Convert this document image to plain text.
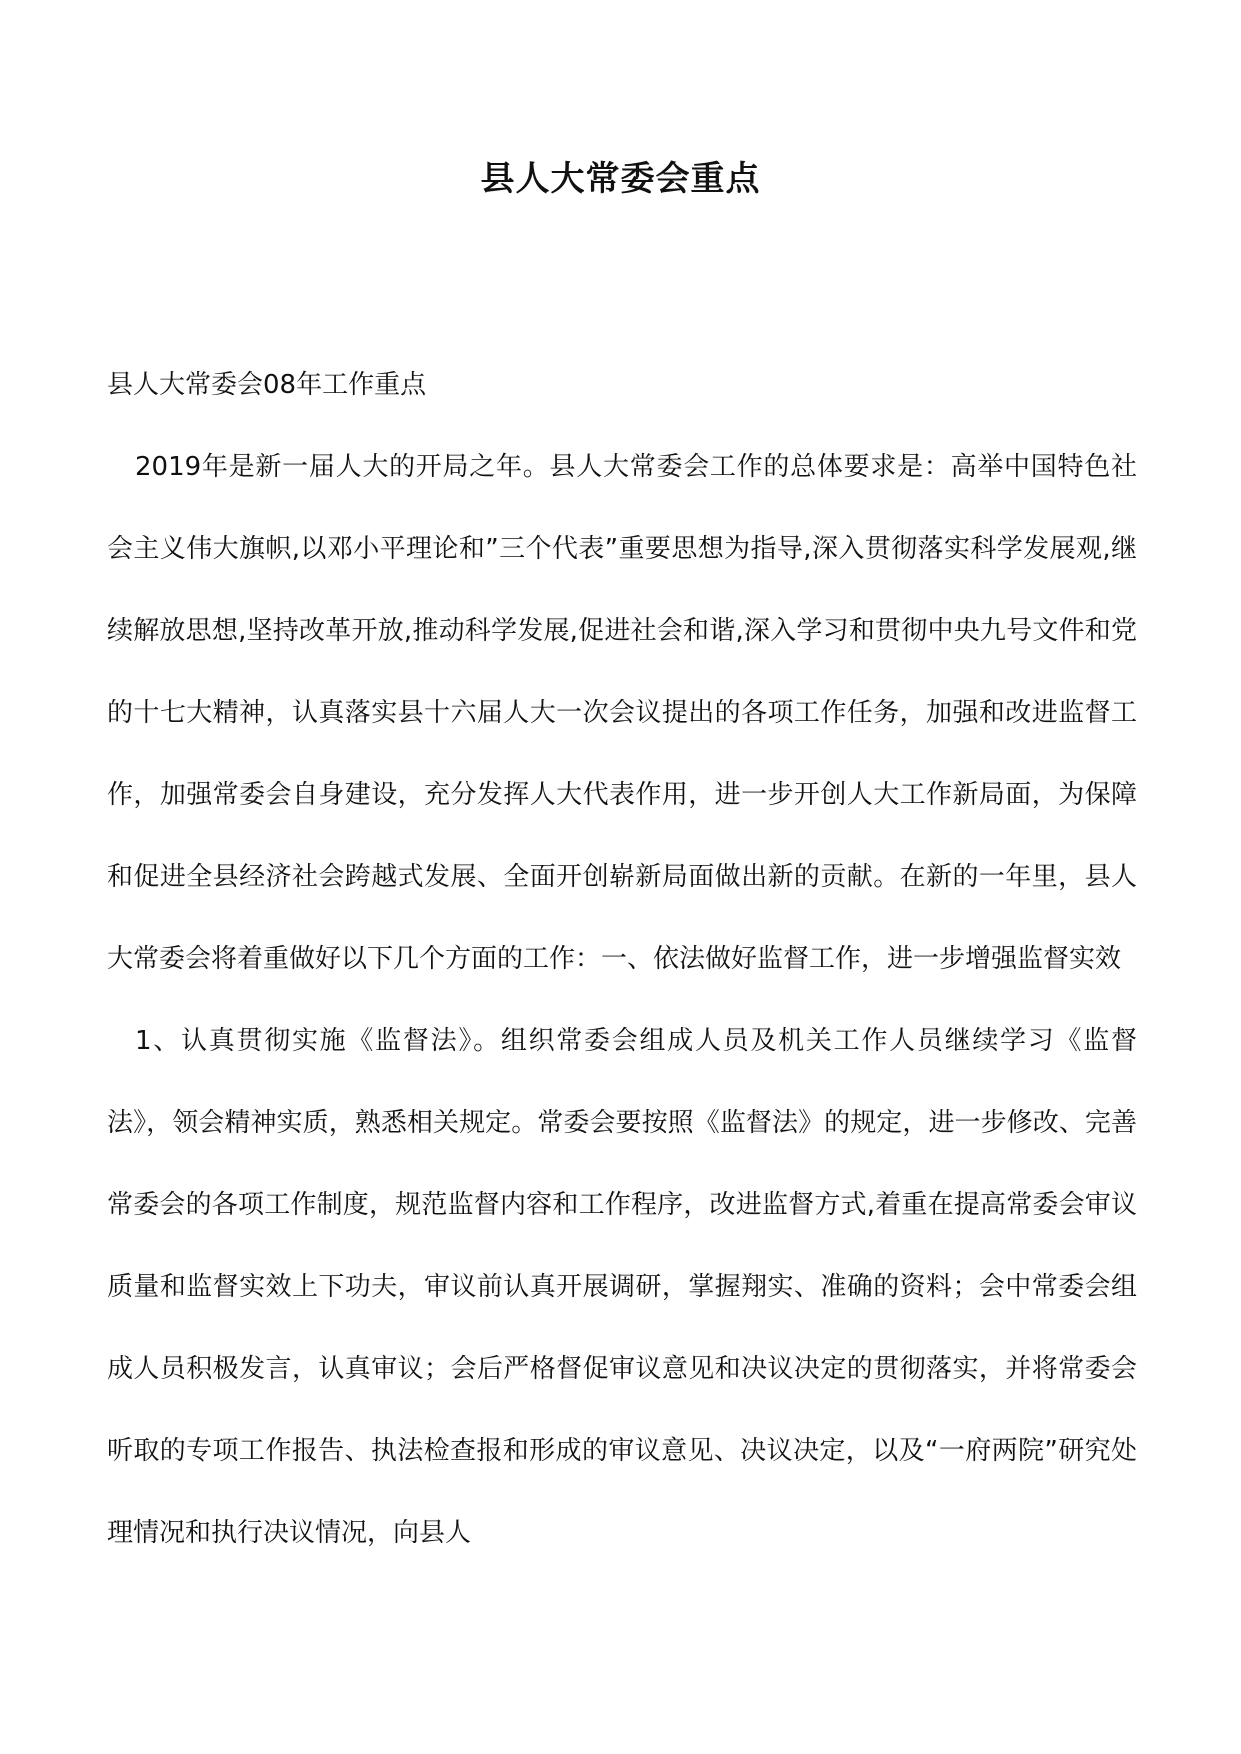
县人大常委会重点

县人大常委会08年工作重点

2019年是新一届人大的开局之年。县人大常委会工作的总体要求是：高举中国特色社会主义伟大旗帜,以邓小平理论和”三个代表”重要思想为指导,深入贯彻落实科学发展观,继续解放思想,坚持改革开放,推动科学发展,促进社会和谐,深入学习和贯彻中央九号文件和党的十七大精神，认真落实县十六届人大一次会议提出的各项工作任务，加强和改进监督工作，加强常委会自身建设，充分发挥人大代表作用，进一步开创人大工作新局面，为保障和促进全县经济社会跨越式发展、全面开创崭新局面做出新的贡献。在新的一年里，县人大常委会将着重做好以下几个方面的工作：一、依法做好监督工作，进一步增强监督实效

1、认真贯彻实施《监督法》。组织常委会组成人员及机关工作人员继续学习《监督法》，领会精神实质，熟悉相关规定。常委会要按照《监督法》的规定，进一步修改、完善常委会的各项工作制度，规范监督内容和工作程序，改进监督方式,着重在提高常委会审议质量和监督实效上下功夫，审议前认真开展调研，掌握翔实、准确的资料；会中常委会组成人员积极发言，认真审议；会后严格督促审议意见和决议决定的贯彻落实，并将常委会听取的专项工作报告、执法检查报和形成的审议意见、决议决定，以及“一府两院”研究处理情况和执行决议情况，向县人
